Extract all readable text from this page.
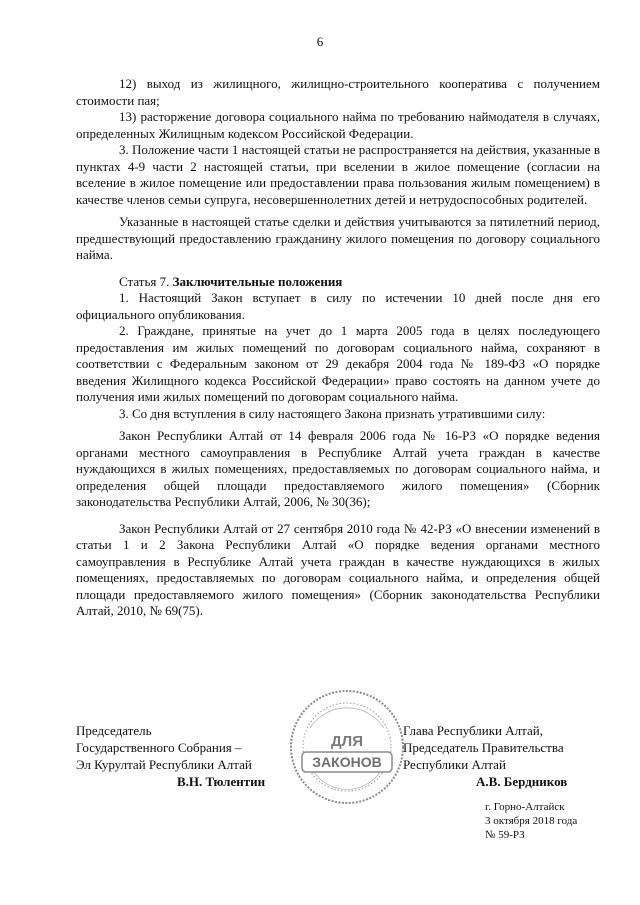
6

12) выход из жилищного, жилищно-строительного кооператива с получением стоимости пая;

13) расторжение договора социального найма по требованию наймодателя в случаях, определенных Жилищным кодексом Российской Федерации.

3. Положение части 1 настоящей статьи не распространяется на действия, указанные в пунктах 4-9 части 2 настоящей статьи, при вселении в жилое помещение (согласии на вселение в жилое помещение или предоставлении права пользования жилым помещением) в качестве членов семьи супруга, несовершеннолетних детей и нетрудоспособных родителей.

Указанные в настоящей статье сделки и действия учитываются за пятилетний период, предшествующий предоставлению гражданину жилого помещения по договору социального найма.

Статья 7. Заключительные положения

1. Настоящий Закон вступает в силу по истечении 10 дней после дня его официального опубликования.

2. Граждане, принятые на учет до 1 марта 2005 года в целях последующего предоставления им жилых помещений по договорам социального найма, сохраняют в соответствии с Федеральным законом от 29 декабря 2004 года № 189-ФЗ «О порядке введения Жилищного кодекса Российской Федерации» право состоять на данном учете до получения ими жилых помещений по договорам социального найма.

3. Со дня вступления в силу настоящего Закона признать утратившими силу:

Закон Республики Алтай от 14 февраля 2006 года № 16-РЗ «О порядке ведения органами местного самоуправления в Республике Алтай учета граждан в качестве нуждающихся в жилых помещениях, предоставляемых по договорам социального найма, и определения общей площади предоставляемого жилого помещения» (Сборник законодательства Республики Алтай, 2006, № 30(36);

Закон Республики Алтай от 27 сентября 2010 года № 42-РЗ «О внесении изменений в статьи 1 и 2 Закона Республики Алтай «О порядке ведения органами местного самоуправления в Республике Алтай учета граждан в качестве нуждающихся в жилых помещениях, предоставляемых по договорам социального найма, и определения общей площади предоставляемого жилого помещения» (Сборник законодательства Республики Алтай, 2010, № 69(75).

Председатель
Государственного Собрания –
Эл Курултай Республики Алтай
В.Н. Тюлентин
Глава Республики Алтай,
Председатель Правительства
Республики Алтай
А.В. Бердников
г. Горно-Алтайск
3 октября 2018 года
№ 59-РЗ
ДЛЯ
ЗАКОНОВ
